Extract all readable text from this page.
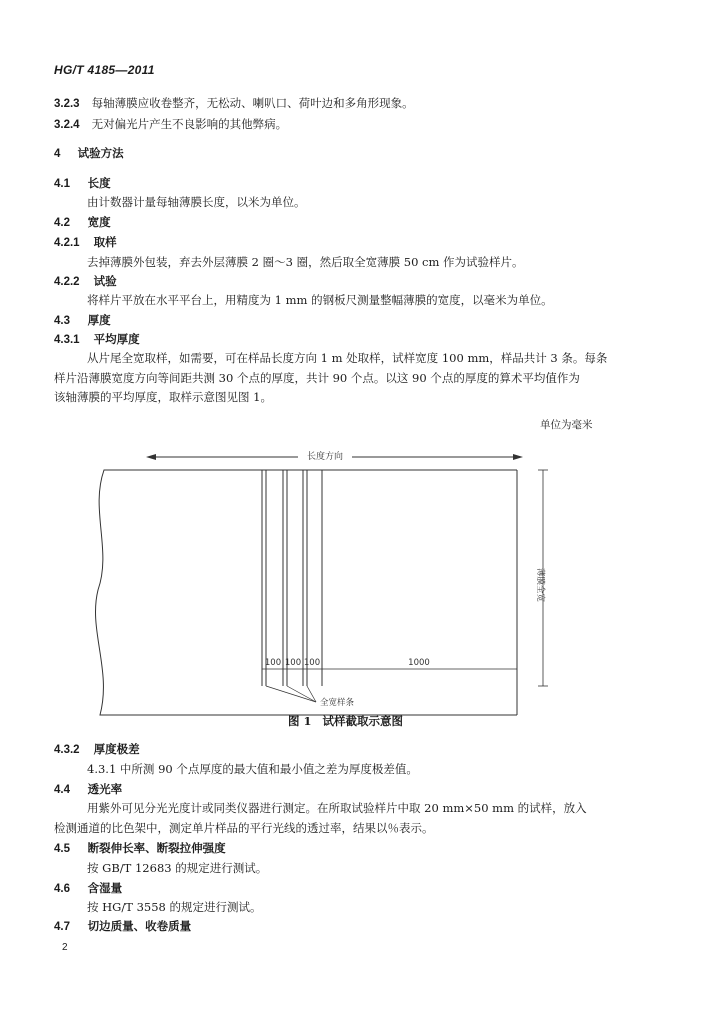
HG/T 4185—2011
3.2.3 每轴薄膜应收卷整齐，无松动、喇叭口、荷叶边和多角形现象。
3.2.4 无对偏光片产生不良影响的其他弊病。
4 试验方法
4.1 长度
由计数器计量每轴薄膜长度，以米为单位。
4.2 宽度
4.2.1 取样
去掉薄膜外包装，弃去外层薄膜 2 圈～3 圈，然后取全宽薄膜 50 cm 作为试验样片。
4.2.2 试验
将样片平放在水平平台上，用精度为 1 mm 的钢板尺测量整幅薄膜的宽度，以毫米为单位。
4.3 厚度
4.3.1 平均厚度
从片尾全宽取样，如需要，可在样品长度方向 1 m 处取样，试样宽度 100 mm，样品共计 3 条。每条
样片沿薄膜宽度方向等间距共测 30 个点的厚度，共计 90 个点。以这 90 个点的厚度的算术平均值作为
该轴薄膜的平均厚度，取样示意图见图 1。
单位为毫米
长度方向
100 100 100	1000
全宽样条
薄膜全宽
图 1 试样截取示意图
4.3.2 厚度极差
4.3.1 中所测 90 个点厚度的最大值和最小值之差为厚度极差值。
4.4 透光率
用紫外可见分光光度计或同类仪器进行测定。在所取试验样片中取 20 mm×50 mm 的试样，放入
检测通道的比色架中，测定单片样品的平行光线的透过率，结果以％表示。
4.5 断裂伸长率、断裂拉伸强度
按 GB/T 12683 的规定进行测试。
4.6 含湿量
按 HG/T 3558 的规定进行测试。
4.7 切边质量、收卷质量
2
